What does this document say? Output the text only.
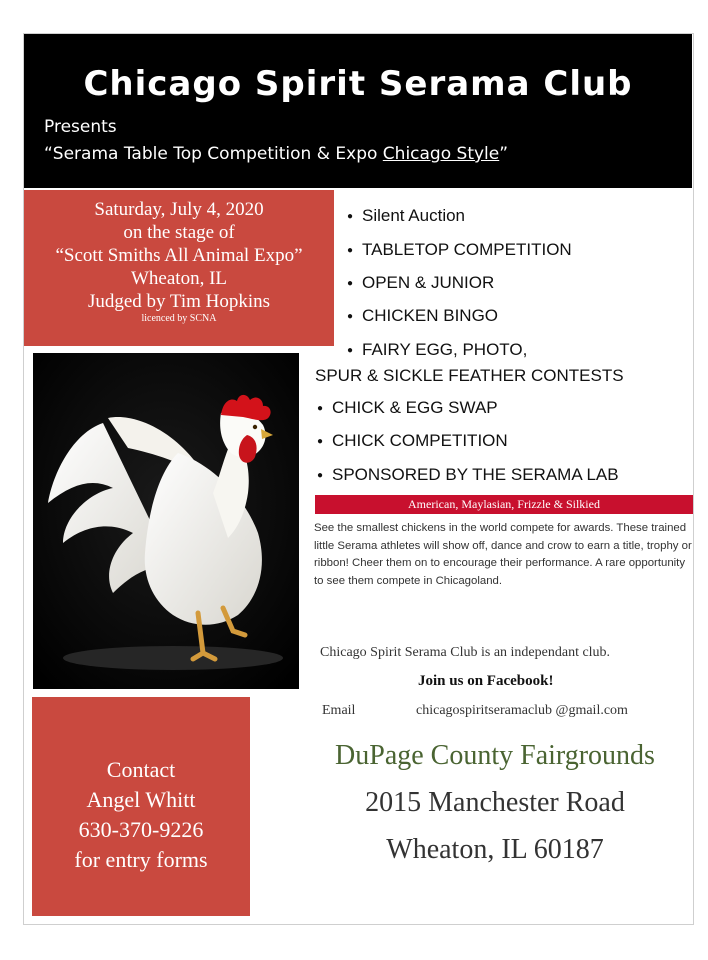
Chicago Spirit Serama Club
Presents
“Serama Table Top Competition & Expo Chicago Style”
Saturday, July 4, 2020
on the stage of
“Scott Smiths All Animal Expo”
Wheaton, IL
Judged by Tim Hopkins
licenced by SCNA
● Silent Auction
● TABLETOP COMPETITION
● OPEN & JUNIOR
● CHICKEN BINGO
● FAIRY EGG, PHOTO,
SPUR & SICKLE FEATHER CONTESTS
● CHICK & EGG SWAP
● CHICK COMPETITION
● SPONSORED BY THE SERAMA LAB
American, Maylasian, Frizzle & Silkied
See the smallest chickens in the world compete for awards. These trained little Serama athletes will show off, dance and crow to earn a title, trophy or ribbon! Cheer them on to encourage their performance. A rare opportunity to see them compete in Chicagoland.
Chicago Spirit Serama Club is an independant club.
Join us on Facebook!
Email	chicagospiritseramaclub @gmail.com
DuPage County Fairgrounds
2015 Manchester Road
Wheaton, IL 60187
Contact
Angel Whitt
630-370-9226
for entry forms
